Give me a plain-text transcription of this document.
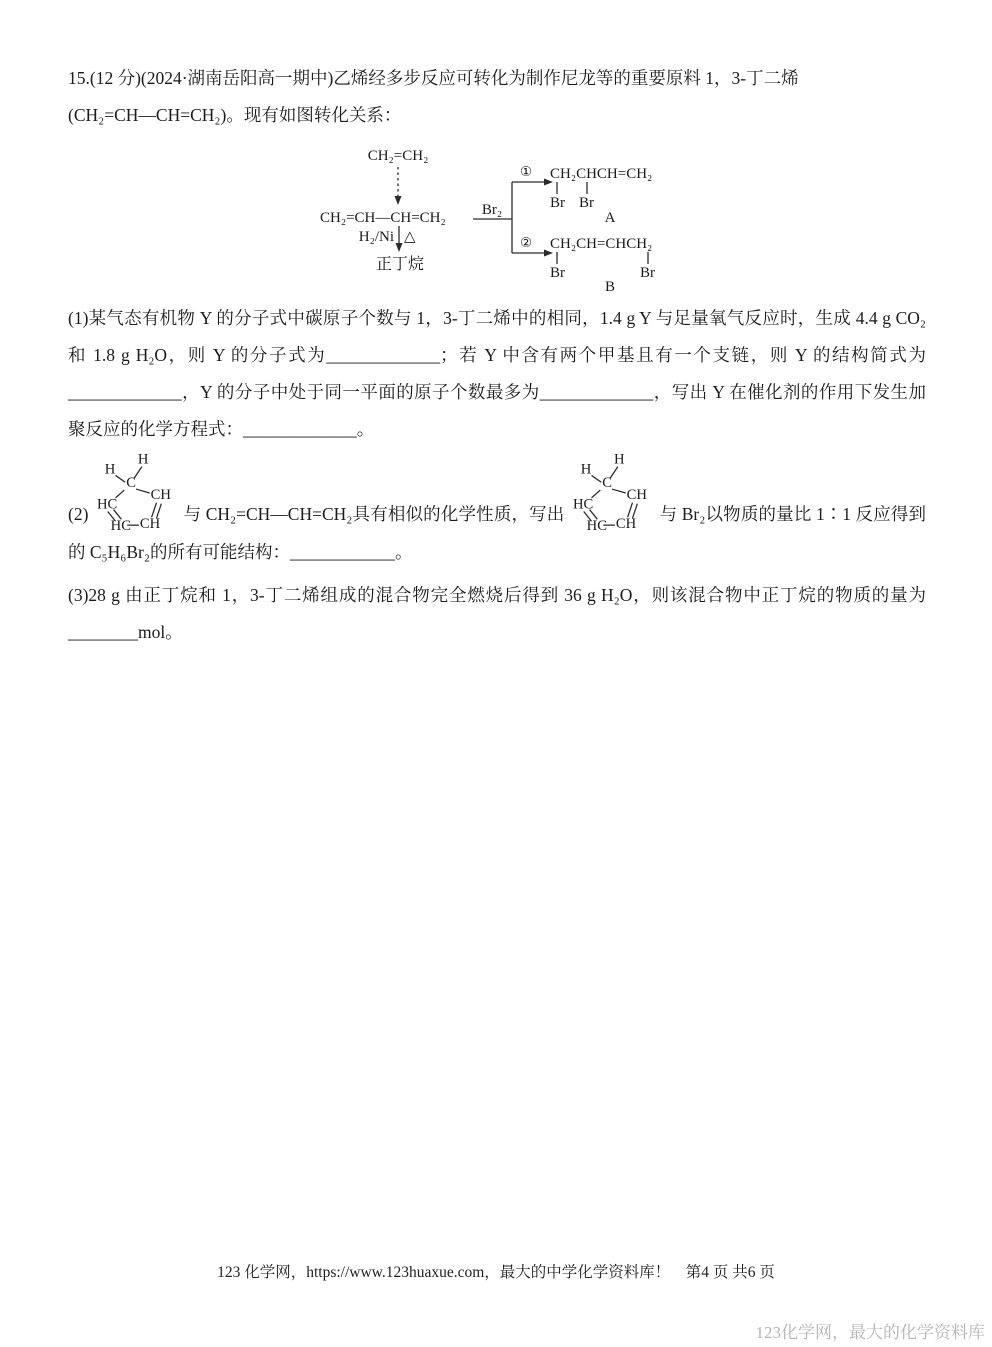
15.(12 分)(2024·湖南岳阳高一期中)乙烯经多步反应可转化为制作尼龙等的重要原料 1，3-丁二烯

(CH₂=CH—CH=CH₂)。现有如图转化关系：

CH₂=CH₂
CH₂=CH—CH=CH₂
H₂/Ni △
正丁烷
Br₂
① CH₂CHCH=CH₂
Br Br
A
② CH₂CH=CHCH₂
Br	Br
B

(1)某气态有机物 Y 的分子式中碳原子个数与 1，3-丁二烯中的相同，1.4 g Y 与足量氧气反应时，生成 4.4 g CO₂和 1.8 g H₂O，则 Y 的分子式为_____________；若 Y 中含有两个甲基且有一个支链，则 Y 的结构简式为_____________，Y 的分子中处于同一平面的原子个数最多为_____________，写出 Y 在催化剂的作用下发生加聚反应的化学方程式：_____________。

(2)	与 CH₂=CH—CH=CH₂具有相似的化学性质，写出	与 Br₂以物质的量比 1∶1 反应得到的 C₅H₆Br₂的所有可能结构：____________。

(3)28 g 由正丁烷和 1，3-丁二烯组成的混合物完全燃烧后得到 36 g H₂O，则该混合物中正丁烷的物质的量为________mol。

123 化学网，https://www.123huaxue.com，最大的中学化学资料库！　第4 页 共6 页
123化学网，最大的化学资料库
